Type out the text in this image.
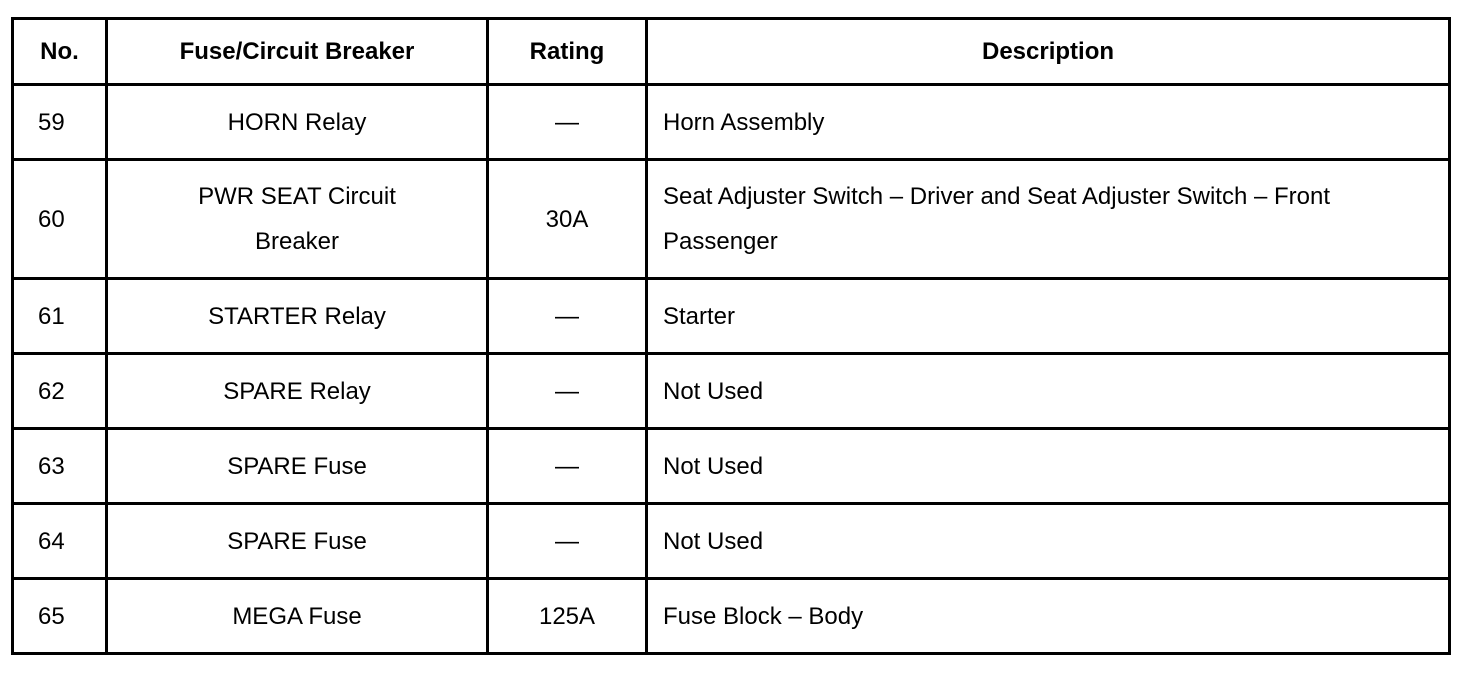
No.	Fuse/Circuit Breaker	Rating	Description
59	HORN Relay	—	Horn Assembly
60	PWR SEAT Circuit Breaker	30A	Seat Adjuster Switch – Driver and Seat Adjuster Switch – Front Passenger
61	STARTER Relay	—	Starter
62	SPARE Relay	—	Not Used
63	SPARE Fuse	—	Not Used
64	SPARE Fuse	—	Not Used
65	MEGA Fuse	125A	Fuse Block – Body
